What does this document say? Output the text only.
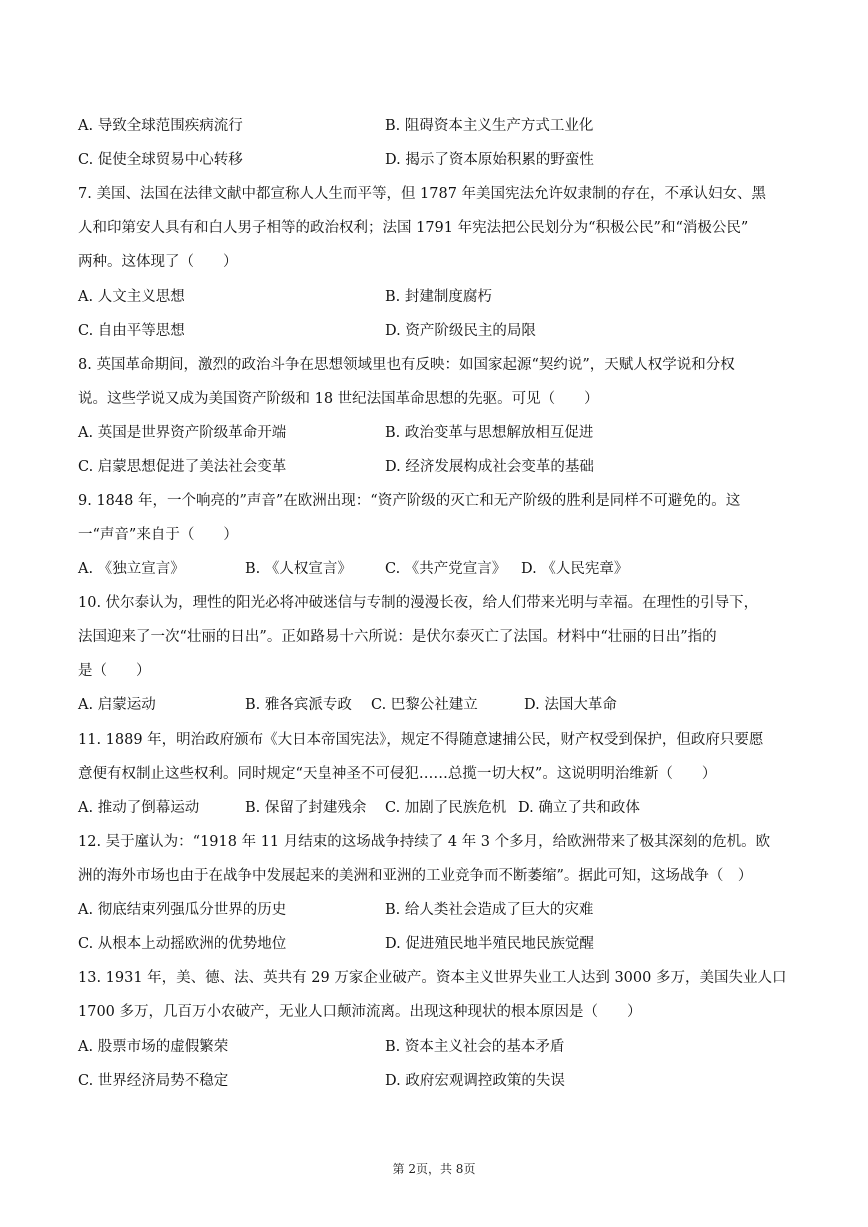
A. 导致全球范围疾病流行	B. 阻碍资本主义生产方式工业化
C. 促使全球贸易中心转移	D. 揭示了资本原始积累的野蛮性
7. 美国、法国在法律文献中都宣称人人生而平等，但 1787 年美国宪法允许奴隶制的存在，不承认妇女、黑
人和印第安人具有和白人男子相等的政治权利；法国 1791 年宪法把公民划分为“积极公民”和“消极公民”
两种。这体现了（　　）
A. 人文主义思想	B. 封建制度腐朽
C. 自由平等思想	D. 资产阶级民主的局限
8. 英国革命期间，激烈的政治斗争在思想领域里也有反映：如国家起源“契约说”，天赋人权学说和分权
说。这些学说又成为美国资产阶级和 18 世纪法国革命思想的先驱。可见（　　）
A. 英国是世界资产阶级革命开端	B. 政治变革与思想解放相互促进
C. 启蒙思想促进了美法社会变革	D. 经济发展构成社会变革的基础
9. 1848 年，一个响亮的”声音”在欧洲出现：“资产阶级的灭亡和无产阶级的胜利是同样不可避免的。这
一“声音”来自于（　　）
A. 《独立宣言》	B. 《人权宣言》 C. 《共产党宣言》 D. 《人民宪章》
10. 伏尔泰认为，理性的阳光必将冲破迷信与专制的漫漫长夜，给人们带来光明与幸福。在理性的引导下，
法国迎来了一次“壮丽的日出”。正如路易十六所说：是伏尔泰灭亡了法国。材料中“壮丽的日出”指的
是（　　）
A. 启蒙运动	B. 雅各宾派专政 C. 巴黎公社建立	D. 法国大革命
11. 1889 年，明治政府颁布《大日本帝国宪法》，规定不得随意逮捕公民，财产权受到保护，但政府只要愿
意便有权制止这些权利。同时规定“天皇神圣不可侵犯……总揽一切大权”。这说明明治维新（　　）
A. 推动了倒幕运动	B. 保留了封建残余 C. 加剧了民族危机 D. 确立了共和政体
12. 吴于廑认为：“1918 年 11 月结束的这场战争持续了 4 年 3 个多月，给欧洲带来了极其深刻的危机。欧
洲的海外市场也由于在战争中发展起来的美洲和亚洲的工业竞争而不断萎缩”。据此可知，这场战争（　）
A. 彻底结束列强瓜分世界的历史	B. 给人类社会造成了巨大的灾难
C. 从根本上动摇欧洲的优势地位	D. 促进殖民地半殖民地民族觉醒
13. 1931 年，美、德、法、英共有 29 万家企业破产。资本主义世界失业工人达到 3000 多万，美国失业人口
1700 多万，几百万小农破产，无业人口颠沛流离。出现这种现状的根本原因是（　　）
A. 股票市场的虚假繁荣	B. 资本主义社会的基本矛盾
C. 世界经济局势不稳定	D. 政府宏观调控政策的失误
第 2页，共 8页
